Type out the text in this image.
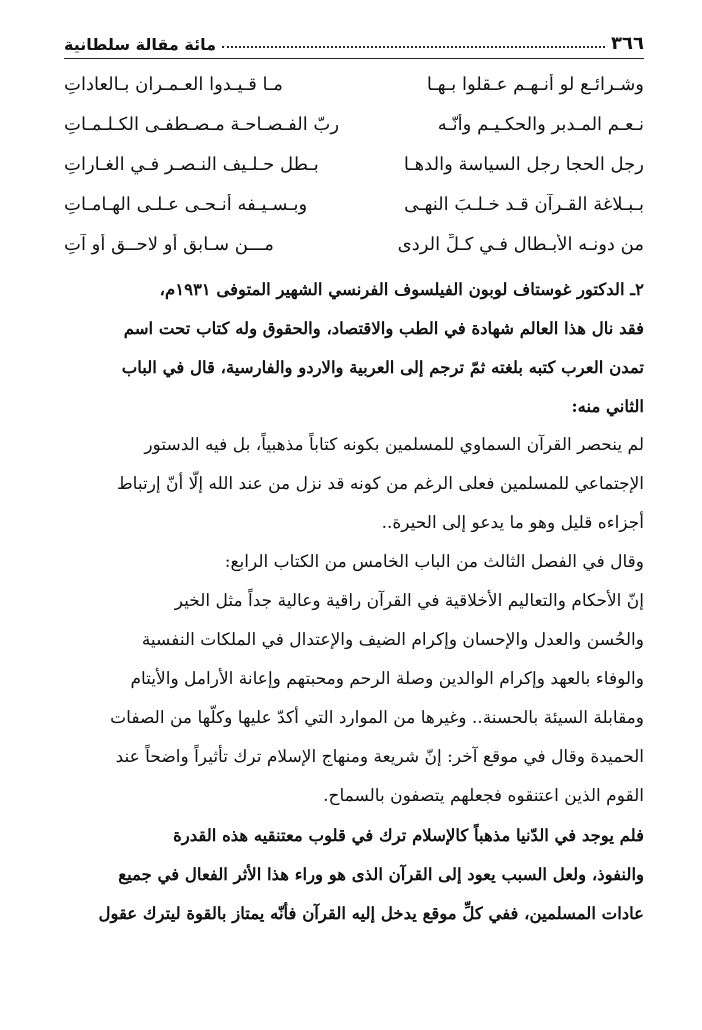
٣٦٦
مائة مقالة سلطانية
وشـرائـع لو أنـهـم عـقلوا بـهـا
مـا قـيـدوا العـمـران بـالعاداتِ
نـعـم المـدبر والحكـيـم وأنّـه
ربّ الفـصـاحـة مـصـطفـى الكـلـمـاتِ
رجل الحجا رجل السياسة والدهـا
بـطل حـلـيف النـصـر فـي الغـاراتِ
بـبـلاغة القـرآن قـد خـلـبَ النهـى
وبـسـيـفه أنـحـى عـلـى الهـامـاتِ
من دونـه الأبـطال فـي كـلِّ الردى
مـــن سـابق أو لاحــق أو آتِ
٢ـ الدكتور غوستاف لوبون الفيلسوف الفرنسي الشهير المتوفى ١٩٣١م،
فقد نال هذا العالم شهادة في الطب والاقتصاد، والحقوق وله كتاب تحت اسم
تمدن العرب كتبه بلغته ثمّ ترجم إلى العربية والاردو والفارسية، قال في الباب
الثاني منه:
لم ينحصر القرآن السماوي للمسلمين بكونه كتاباً مذهبياً، بل فيه الدستور
الإجتماعي للمسلمين فعلى الرغم من كونه قد نزل من عند الله إلّا أنّ إرتباط
أجزاءه قليل وهو ما يدعو إلى الحيرة..
وقال في الفصل الثالث من الباب الخامس من الكتاب الرابع:
إنّ الأحكام والتعاليم الأخلاقية في القرآن راقية وعالية جداً مثل الخير
والحُسن والعدل والإحسان وإكرام الضيف والإعتدال في الملكات النفسية
والوفاء بالعهد وإكرام الوالدين وصلة الرحم ومحبتهم وإعانة الأرامل والأيتام
ومقابلة السيئة بالحسنة.. وغيرها من الموارد التي أكدّ عليها وكلّها من الصفات
الحميدة وقال في موقع آخر: إنّ شريعة ومنهاج الإسلام ترك تأثيراً واضحاً عند
القوم الذين اعتنقوه فجعلهم يتصفون بالسماح.
فلم يوجد في الدّنيا مذهباً كالإسلام ترك في قلوب معتنقيه هذه القدرة
والنفوذ، ولعل السبب يعود إلى القرآن الذى هو وراء هذا الأثر الفعال في جميع
عادات المسلمين، ففي كلِّ موقع يدخل إليه القرآن فأنّه يمتاز بالقوة ليترك عقول
